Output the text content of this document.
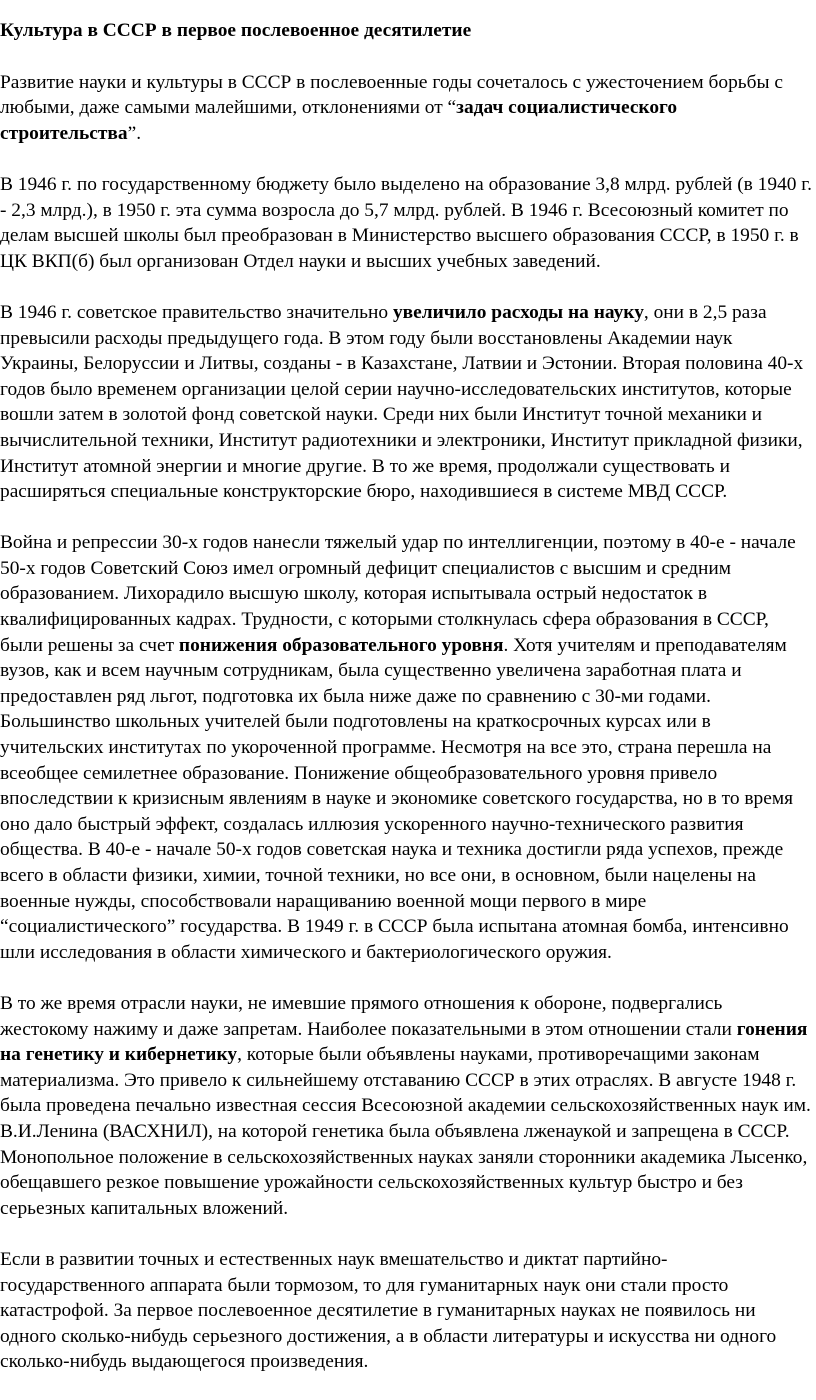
Культура в СССР в первое послевоенное десятилетие

Развитие науки и культуры в СССР в послевоенные годы сочеталось с ужесточением борьбы с любыми, даже самыми малейшими, отклонениями от “задач социалистического строительства”.

В 1946 г. по государственному бюджету было выделено на образование 3,8 млрд. рублей (в 1940 г. - 2,3 млрд.), в 1950 г. эта сумма возросла до 5,7 млрд. рублей. В 1946 г. Всесоюзный комитет по делам высшей школы был преобразован в Министерство высшего образования СССР, в 1950 г. в ЦК ВКП(б) был организован Отдел науки и высших учебных заведений.

В 1946 г. советское правительство значительно увеличило расходы на науку, они в 2,5 раза превысили расходы предыдущего года. В этом году были восстановлены Академии наук Украины, Белоруссии и Литвы, созданы - в Казахстане, Латвии и Эстонии. Вторая половина 40-х годов было временем организации целой серии научно-исследовательских институтов, которые вошли затем в золотой фонд советской науки. Среди них были Институт точной механики и вычислительной техники, Институт радиотехники и электроники, Институт прикладной физики, Институт атомной энергии и многие другие. В то же время, продолжали существовать и расширяться специальные конструкторские бюро, находившиеся в системе МВД СССР.

Война и репрессии 30-х годов нанесли тяжелый удар по интеллигенции, поэтому в 40-е - начале 50-х годов Советский Союз имел огромный дефицит специалистов с высшим и средним образованием. Лихорадило высшую школу, которая испытывала острый недостаток в квалифицированных кадрах. Трудности, с которыми столкнулась сфера образования в СССР, были решены за счет понижения образовательного уровня. Хотя учителям и преподавателям вузов, как и всем научным сотрудникам, была существенно увеличена заработная плата и предоставлен ряд льгот, подготовка их была ниже даже по сравнению с 30-ми годами. Большинство школьных учителей были подготовлены на краткосрочных курсах или в учительских институтах по укороченной программе. Несмотря на все это, страна перешла на всеобщее семилетнее образование. Понижение общеобразовательного уровня привело впоследствии к кризисным явлениям в науке и экономике советского государства, но в то время оно дало быстрый эффект, создалась иллюзия ускоренного научно-технического развития общества. В 40-е - начале 50-х годов советская наука и техника достигли ряда успехов, прежде всего в области физики, химии, точной техники, но все они, в основном, были нацелены на военные нужды, способствовали наращиванию военной мощи первого в мире “социалистического” государства. В 1949 г. в СССР была испытана атомная бомба, интенсивно шли исследования в области химического и бактериологического оружия.

В то же время отрасли науки, не имевшие прямого отношения к обороне, подвергались жестокому нажиму и даже запретам. Наиболее показательными в этом отношении стали гонения на генетику и кибернетику, которые были объявлены науками, противоречащими законам материализма. Это привело к сильнейшему отставанию СССР в этих отраслях. В августе 1948 г. была проведена печально известная сессия Всесоюзной академии сельскохозяйственных наук им. В.И.Ленина (ВАСХНИЛ), на которой генетика была объявлена лженаукой и запрещена в СССР. Монопольное положение в сельскохозяйственных науках заняли сторонники академика Лысенко, обещавшего резкое повышение урожайности сельскохозяйственных культур быстро и без серьезных капитальных вложений.

Если в развитии точных и естественных наук вмешательство и диктат партийно-государственного аппарата были тормозом, то для гуманитарных наук они стали просто катастрофой. За первое послевоенное десятилетие в гуманитарных науках не появилось ни одного сколько-нибудь серьезного достижения, а в области литературы и искусства ни одного сколько-нибудь выдающегося произведения.
